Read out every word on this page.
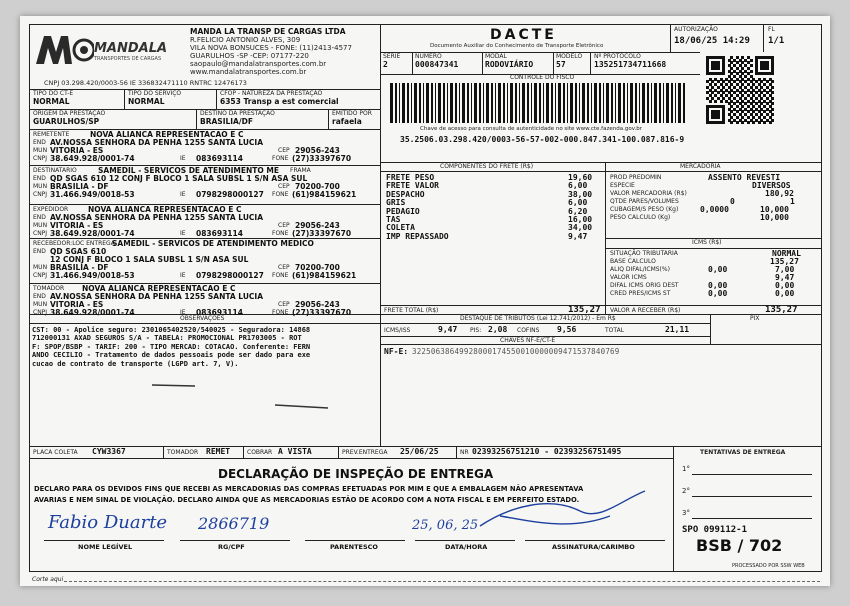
MANDALA
TRANSPORTES DE CARGAS
MANDA LA TRANSP DE CARGAS LTDA
R.FELICIO ANTONIO ALVES, 309
VILA NOVA BONSUCES - FONE: (11)2413-4577
GUARULHOS -SP -CEP: 07177-220
saopaulo@mandalatransportes.com.br
www.mandalatransportes.com.br
CNPJ 03.298.420/0003-56 IE 336832471110 RNTRC 12476173
DACTE
Documento Auxiliar do Conhecimento de Transporte Eletrônico
AUTORIZAÇÃO
18/06/25 14:29
FL
1/1
SERIE
2
NUMERO
000847341
MODAL
RODOVIÁRIO
MODELO
57
Nº PROTOCOLO
135251734711668
CONTROLE DO FISCO
Chave de acesso para consulta de autenticidade no site www.cte.fazenda.gov.br
35.2506.03.298.420/0003-56-57-002-000.847.341-100.087.816-9
TIPO DO CT-E
NORMAL
TIPO DO SERVIÇO
NORMAL
CFOP - NATUREZA DA PRESTAÇÃO
6353 Transp a est comercial
ORIGEM DA PRESTAÇÃO
GUARULHOS/SP
DESTINO DA PRESTAÇÃO
BRASILIA/DF
EMITIDO POR
rafaela
COMPONENTES DO FRETE (R$)	MERCADORIA
PROD PREDOMIN	ASSENTO REVESTI
ESPECIE	DIVERSOS
VALOR MERCADORIA (R$)	180,92
QTDE PARES/VOLUMES	0	1
CUBAGEM/S PESO (Kg)	0,0000	10,000
PESO CALCULO (Kg)	10,000
ICMS (R$)
SITUAÇÃO TRIBUTARIA	NORMAL
BASE CALCULO	135,27
ALIQ DIFAL/ICMS(%)	0,00	7,00
VALOR ICMS	9,47
DIFAL ICMS ORIG DEST	0,00	0,00
CRED PRES/ICMS ST	0,00	0,00
FRETE TOTAL (R$)	135,27 VALOR A RECEBER (R$)	135,27
OBSERVAÇÕES	DESTAQUE DE TRIBUTOS (Lei 12.741/2012) - Em R$	PIX
ICMS/ISS	9,47 PIS: 2,08 COFINS 9,56	TOTAL	21,11
CHAVES NF-E/CT-E
NF-E: 32250638649928000174550010000009471537840769
PLACA COLETA CYW3367	TOMADOR REMET	COBRAR A VISTA	PREV.ENTREGA 25/06/25	NR 02393256751210 - 02393256751495	TENTATIVAS DE ENTREGA
1°
2°
3°
DECLARAÇÃO DE INSPEÇÃO DE ENTREGA
DECLARO PARA OS DEVIDOS FINS QUE RECEBI AS MERCADORIAS DAS COMPRAS EFETUADAS POR MIM E QUE A EMBALAGEM NÃO APRESENTAVA
AVARIAS E NEM SINAL DE VIOLAÇÃO. DECLARO AINDA QUE AS MERCADORIAS ESTÃO DE ACORDO COM A NOTA FISCAL E EM PERFEITO ESTADO.
Fabio Duarte 2866719	25, 06, 25
NOME LEGÍVEL	RG/CPF	PARENTESCO	DATA/HORA	ASSINATURA/CARIMBO
SPO 099112-1
BSB / 702
PROCESSADO POR SSW WEB
Corte aqui
REMETENTE	NOVA ALIANCA REPRESENTACAO E C
END AV.NOSSA SENHORA DA PENHA 1255 SANTA LUCIA
MUN VITORIA - ES	CEP 29056-243
CNPJ 38.649.928/0001-74	IE 083693114	FONE (27)33397670
DESTINATARIO	SAMEDIL - SERVICOS DE ATENDIMENTO ME FRAMA
END QD SGAS 610 12 CONJ F BLOCO 1 SALA SUBSL 1 S/N ASA SUL
MUN BRASILIA - DF	CEP 70200-700
CNPJ 31.466.949/0018-53	IE 0798298000127 FONE (61)984159621
EXPEDIDOR	NOVA ALIANCA REPRESENTACAO E C
END AV.NOSSA SENHORA DA PENHA 1255 SANTA LUCIA
MUN VITORIA - ES	CEP 29056-243
CNPJ 38.649.928/0001-74	IE 083693114	FONE (27)33397670
RECEBEDOR:LOC ENTREGA
SAMEDIL - SERVICOS DE ATENDIMENTO MEDICO
END QD SGAS 610
12 CONJ F BLOCO 1 SALA SUBSL 1 S/N ASA SUL
MUN BRASILIA - DF	CEP 70200-700
CNPJ 31.466.949/0018-53	IE 0798298000127 FONE (61)984159621
TOMADOR NOVA ALIANCA REPRESENTACAO E C
END AV.NOSSA SENHORA DA PENHA 1255 SANTA LUCIA
MUN VITORIA - ES	CEP 29056-243
CNPJ 38.649.928/0001-74	IE 083693114	FONE (27)33397670
FRETE PESO	19,60
FRETE VALOR	6,00
DESPACHO	38,00
GRIS	6,00
PEDAGIO	6,20
TAS	16,00
COLETA	34,00
IMP REPASSADO	9,47
CST: 00 - Apolice seguro: 2301065402520/540025 - Seguradora: 14868
712000131 AXAD SEGUROS S/A - TABELA: PROMOCIONAL PR1703005 - ROT
F: SPOP/BSBP - TARIF: 200 - TIPO MERCAD: COTACAO. Conferente: FERN
ANDO CECILIO - Tratamento de dados pessoais pode ser dado para exe
cucao de contrato de transporte (LGPD art. 7, V).
